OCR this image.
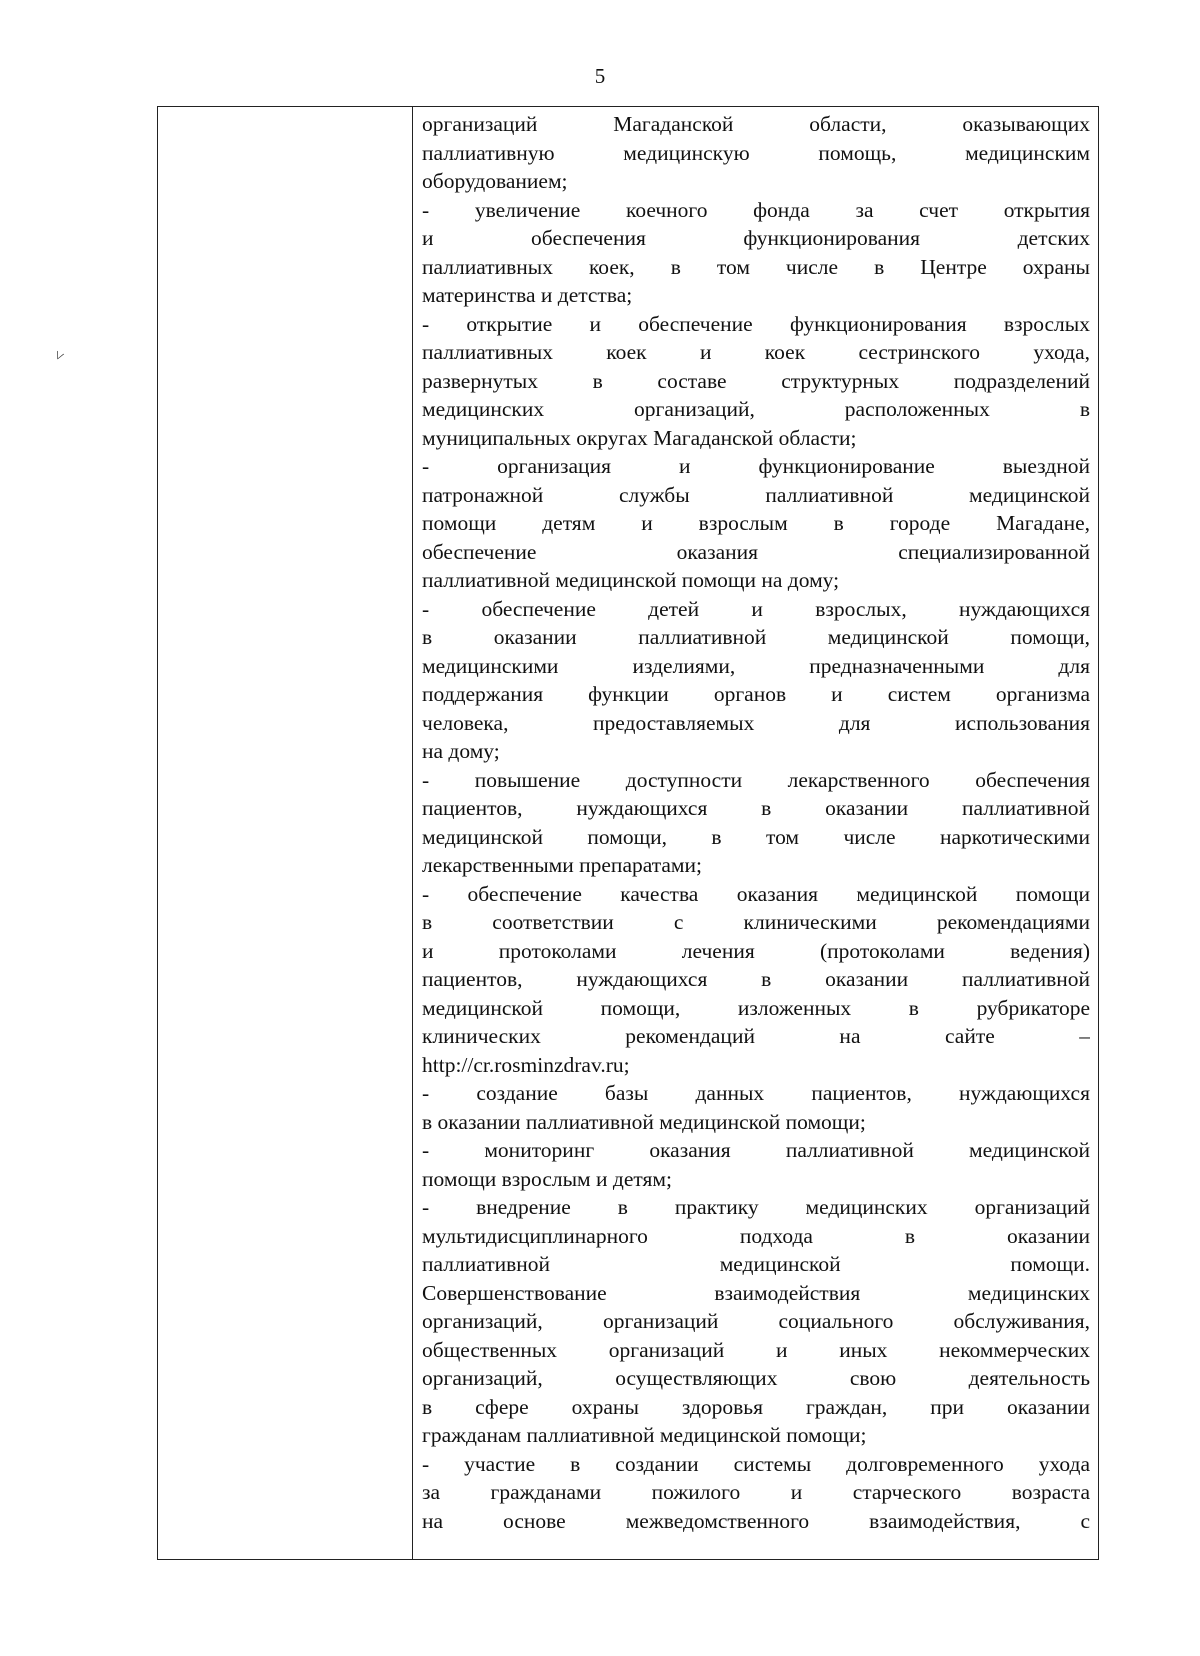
5
˅
организаций Магаданской области, оказывающих
паллиативную медицинскую помощь, медицинским
оборудованием;
- увеличение коечного фонда за счет открытия
и обеспечения функционирования детских
паллиативных коек, в том числе в Центре охраны
материнства и детства;
- открытие и обеспечение функционирования взрослых
паллиативных коек и коек сестринского ухода,
развернутых в составе структурных подразделений
медицинских организаций, расположенных в
муниципальных округах Магаданской области;
- организация и функционирование выездной
патронажной службы паллиативной медицинской
помощи детям и взрослым в городе Магадане,
обеспечение оказания специализированной
паллиативной медицинской помощи на дому;
- обеспечение детей и взрослых, нуждающихся
в оказании паллиативной медицинской помощи,
медицинскими изделиями, предназначенными для
поддержания функции органов и систем организма
человека, предоставляемых для использования
на дому;
- повышение доступности лекарственного обеспечения
пациентов, нуждающихся в оказании паллиативной
медицинской помощи, в том числе наркотическими
лекарственными препаратами;
- обеспечение качества оказания медицинской помощи
в соответствии с клиническими рекомендациями
и протоколами лечения (протоколами ведения)
пациентов, нуждающихся в оказании паллиативной
медицинской помощи, изложенных в рубрикаторе
клинических рекомендаций на сайте –
http://cr.rosminzdrav.ru;
- создание базы данных пациентов, нуждающихся
в оказании паллиативной медицинской помощи;
- мониторинг оказания паллиативной медицинской
помощи взрослым и детям;
- внедрение в практику медицинских организаций
мультидисциплинарного подхода в оказании
паллиативной медицинской помощи.
Совершенствование взаимодействия медицинских
организаций, организаций социального обслуживания,
общественных организаций и иных некоммерческих
организаций, осуществляющих свою деятельность
в сфере охраны здоровья граждан, при оказании
гражданам паллиативной медицинской помощи;
- участие в создании системы долговременного ухода
за гражданами пожилого и старческого возраста
на основе межведомственного взаимодействия, с
